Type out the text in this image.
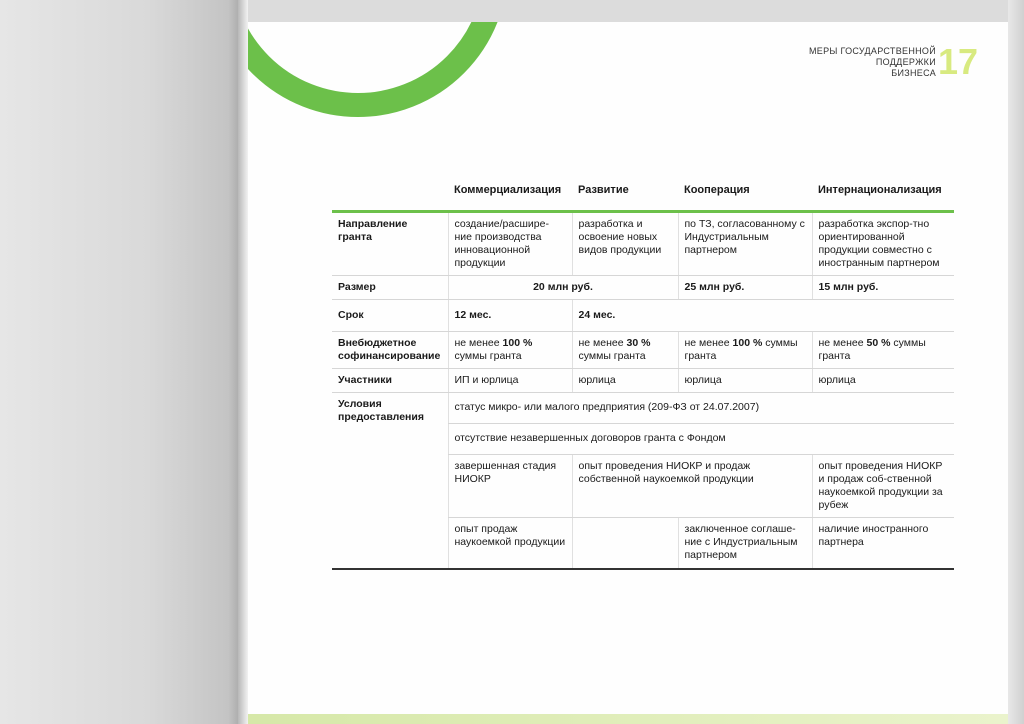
МЕРЫ ГОСУДАРСТВЕННОЙ
ПОДДЕРЖКИ
БИЗНЕСА 17
	Коммерциализация	Развитие	Кооперация	Интернационализация
Направление гранта	создание/расшире-ние производства инновационной продукции	разработка и освоение новых видов продукции	по ТЗ, согласованному с Индустриальным партнером	разработка экспор-тно ориентированной продукции совместно с иностранным партнером
Размер	20 млн руб.		25 млн руб.	15 млн руб.
Срок	12 мес.	24 мес.		
Внебюджетное софинансирование	не менее 100 % суммы гранта	не менее 30 % суммы гранта	не менее 100 % суммы гранта	не менее 50 % суммы гранта
Участники	ИП и юрлица	юрлица	юрлица	юрлица
Условия предоставления	статус микро- или малого предприятия (209-ФЗ от 24.07.2007)			
	отсутствие незавершенных договоров гранта с Фондом			
	завершенная стадия НИОКР	опыт проведения НИОКР и продаж собственной наукоемкой продукции		опыт проведения НИОКР и продаж соб-ственной наукоемкой продукции за рубеж
	опыт продаж наукоемкой продукции		заключенное соглаше-ние с Индустриальным партнером	наличие иностранного партнера
